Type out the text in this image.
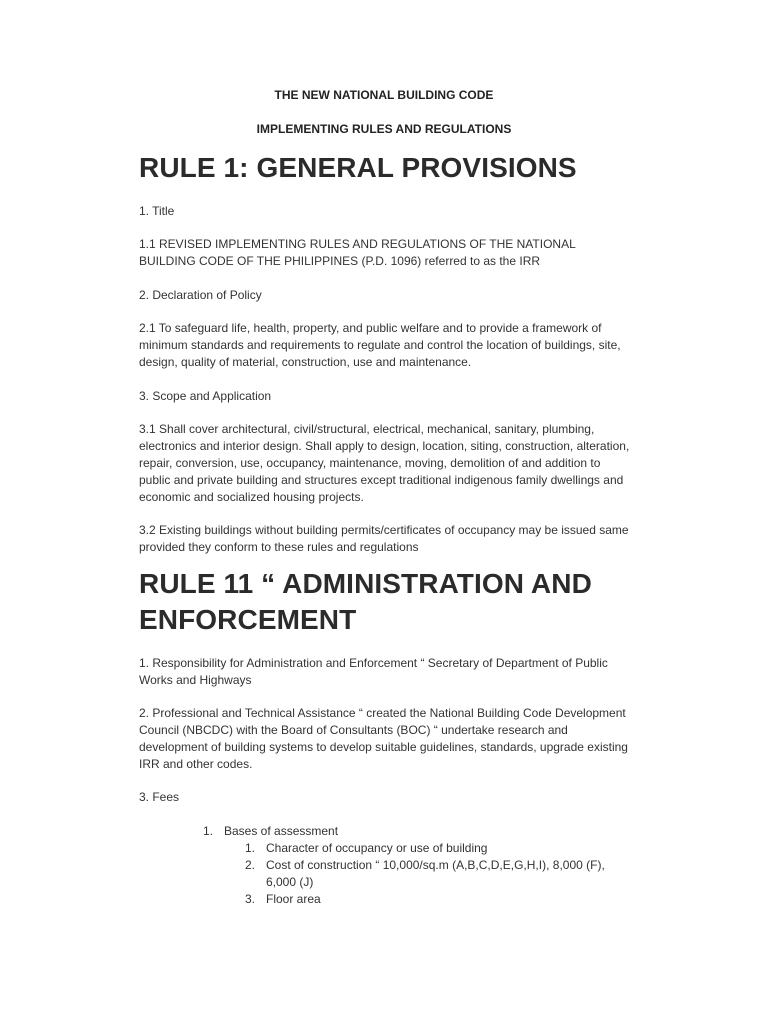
THE NEW NATIONAL BUILDING CODE
IMPLEMENTING RULES AND REGULATIONS
RULE 1: GENERAL PROVISIONS

1. Title

1.1 REVISED IMPLEMENTING RULES AND REGULATIONS OF THE NATIONAL BUILDING CODE OF THE PHILIPPINES (P.D. 1096) referred to as the IRR

2. Declaration of Policy

2.1 To safeguard life, health, property, and public welfare and to provide a framework of minimum standards and requirements to regulate and control the location of buildings, site, design, quality of material, construction, use and maintenance.

3. Scope and Application

3.1 Shall cover architectural, civil/structural, electrical, mechanical, sanitary, plumbing, electronics and interior design. Shall apply to design, location, siting, construction, alteration, repair, conversion, use, occupancy, maintenance, moving, demolition of and addition to public and private building and structures except traditional indigenous family dwellings and economic and socialized housing projects.

3.2 Existing buildings without building permits/certificates of occupancy may be issued same provided they conform to these rules and regulations

RULE 11 “ ADMINISTRATION AND ENFORCEMENT

1. Responsibility for Administration and Enforcement “ Secretary of Department of Public Works and Highways

2. Professional and Technical Assistance “ created the National Building Code Development Council (NBCDC) with the Board of Consultants (BOC) “ undertake research and development of building systems to develop suitable guidelines, standards, upgrade existing IRR and other codes.

3. Fees

1. Bases of assessment
1. Character of occupancy or use of building
2. Cost of construction “ 10,000/sq.m (A,B,C,D,E,G,H,I), 8,000 (F), 6,000 (J)
3. Floor area
